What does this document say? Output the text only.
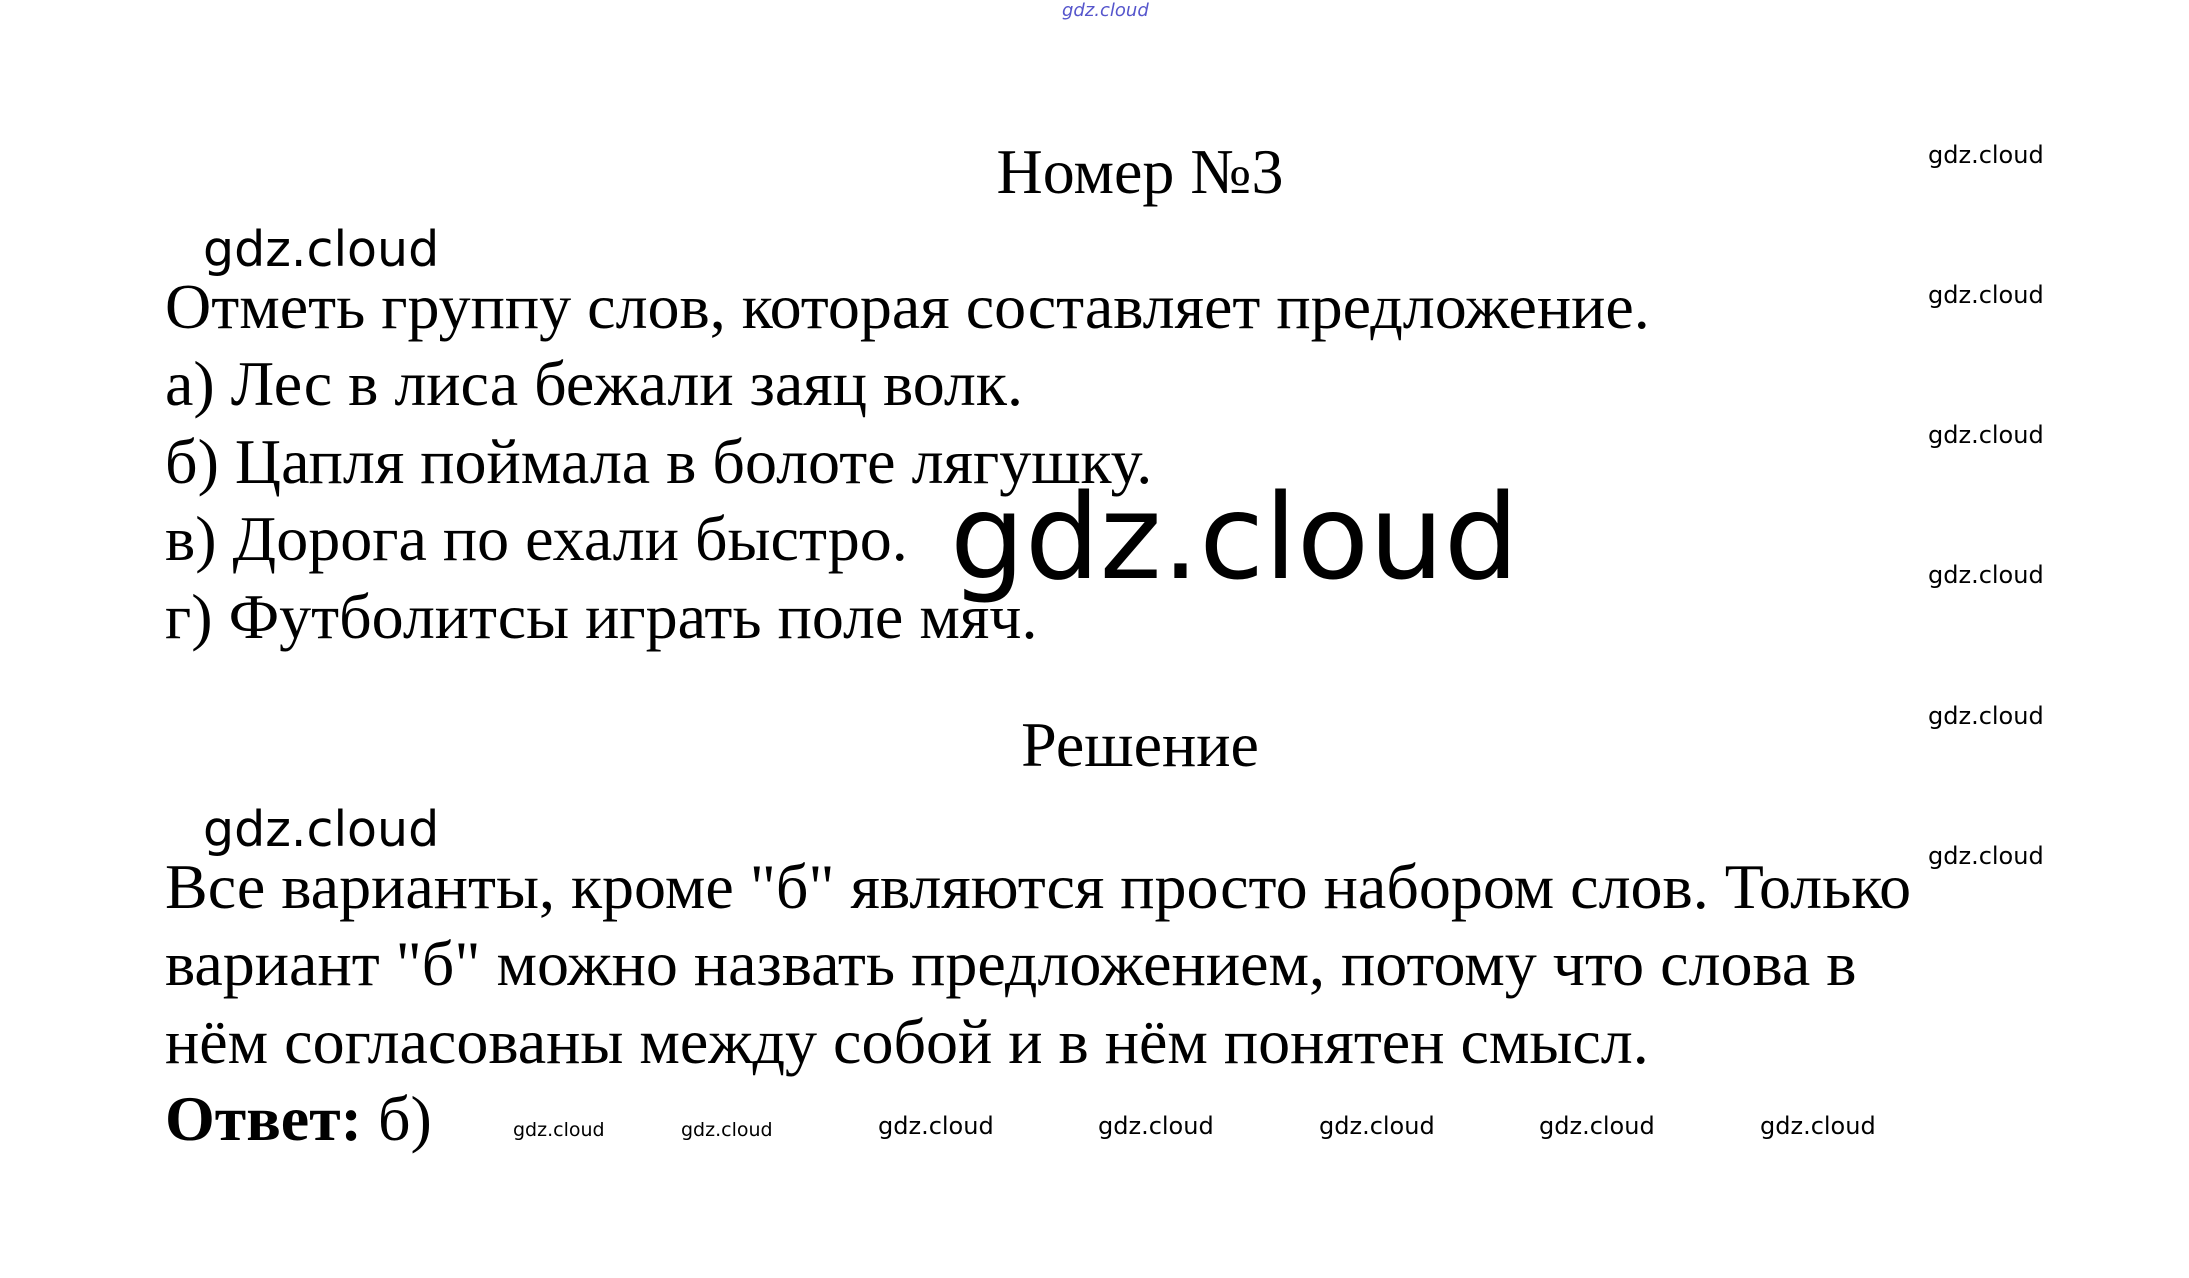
gdz.cloud
Номер №3
gdz.cloud
Отметь группу слов, которая составляет предложение.
а) Лес в лиса бежали заяц волк.
б) Цапля поймала в болоте лягушку.
в) Дорога по ехали быстро.
г) Футболитсы играть поле мяч.
gdz.cloud
gdz.cloud
gdz.cloud
gdz.cloud
gdz.cloud
gdz.cloud
gdz.cloud
Решение
gdz.cloud
Все варианты, кроме "б" являются просто набором слов. Только
вариант "б" можно назвать предложением, потому что слова в
нём согласованы между собой и в нём понятен смысл.
Ответ: б)	gdz.cloud	gdz.cloud	gdz.cloud	gdz.cloud	gdz.cloud	gdz.cloud	gdz.cloud
